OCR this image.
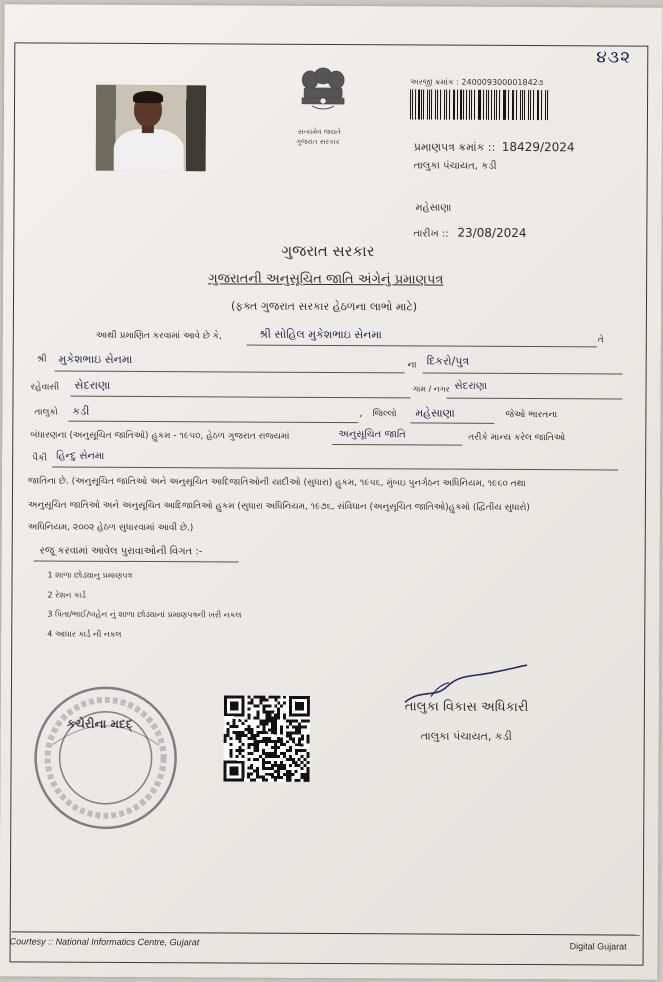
૪૩૨
સત્યમેવ જયતે
ગુજરાત સરકાર
અરજી ક્રમાંક : 240009300001842૭
પ્રમાણપત્ર ક્રમાંક :: 18429/2024
તાલુકા પંચાયત, કડી
મહેસાણા
તારીખ :: 23/08/2024
ગુજરાત સરકાર
ગુજરાતની અનુસૂચિત જાતિ અંગેનું પ્રમાણપત્ર
(ફક્ત ગુજરાત સરકાર હેઠળના લાભો માટે)
આથી પ્રમાણિત કરવામાં આવે છે કે,	શ્રી સોહિલ મુકેશભાઇ સેનમા	તે
શ્રી મુકેશભાઇ સેનમા	ના દિકરો/પુત્ર
રહેવાસી સેદરાણા	ગામ / નગર સેદરાણા
તાલુકો કડી	, જિલ્લો મહેસાણા	જેઓ ભારતના
બંધારણના (અનુસૂચિત જાતિઓ) હુકમ - ૧૯૫૦, હેઠળ ગુજરાત રાજ્યમાં	અનુસૂચિત જાતિ	તરીકે માન્ય કરેલ જાતિઓ
પૈકી હિન્દુ સેનમા
જાતિના છે. (અનુસૂચિત જાતિઓ અને અનુસૂચિત આદિજાતિઓની યાદીઓ (સુધારા) હુકમ, ૧૯૫૬, મુંબઇ પુનર્ગઠન અધિનિયમ, ૧૯૬૦ તથા
અનુસૂચિત જાતિઓ અને અનુસૂચિત આદિજાતિઓ હુકમ (સુધારા અધિનિયમ, ૧૯૭૬, સંવિધાન (અનુસૂચિત જાતિઓ)હુકમો (દ્વિતીય સુધારો)
અધિનિયમ, ૨૦૦૨ હેઠળ સુધારવામાં આવી છે.)
રજૂ કરવામાં આવેલ પુરાવાઓની વિગત :-
1 શાળા છોડ્યાનુ પ્રમાણપત્ર
2 રેશન કાર્ડ
3 પિતા/ભાઈ/બહેન નું શાળા છોડ્યાનાં પ્રમાણપત્રની ખરી નકલ
4 આધાર કાર્ડ ની નકલ
કચેરીના મદદ્
તાલુકા વિકાસ અધિકારી
તાલુકા પંચાયત, કડી
Courtesy :: National Informatics Centre, Gujarat	Digital Gujarat
